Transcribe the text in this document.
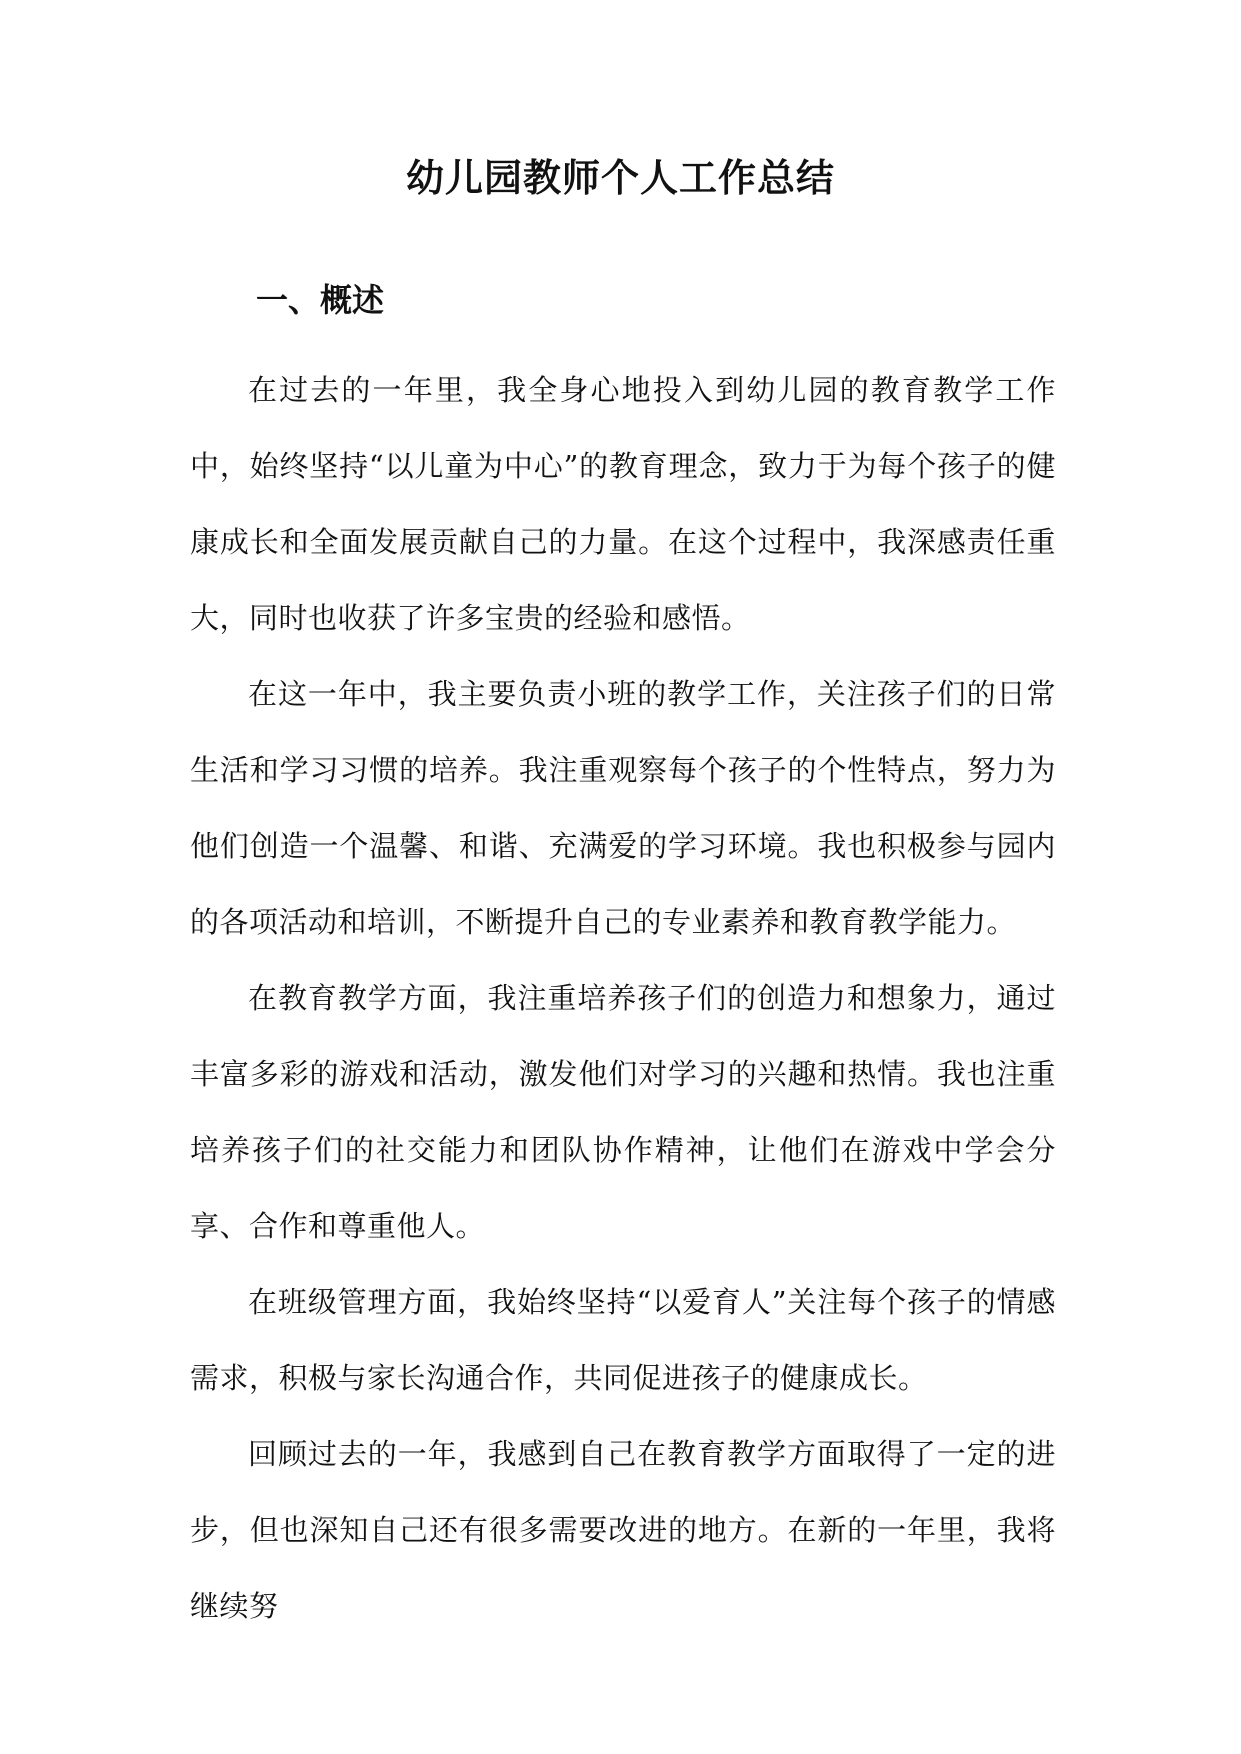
幼儿园教师个人工作总结
一、概述

在过去的一年里，我全身心地投入到幼儿园的教育教学工作中，始终坚持“以儿童为中心”的教育理念，致力于为每个孩子的健康成长和全面发展贡献自己的力量。在这个过程中，我深感责任重大，同时也收获了许多宝贵的经验和感悟。

在这一年中，我主要负责小班的教学工作，关注孩子们的日常生活和学习习惯的培养。我注重观察每个孩子的个性特点，努力为他们创造一个温馨、和谐、充满爱的学习环境。我也积极参与园内的各项活动和培训，不断提升自己的专业素养和教育教学能力。

在教育教学方面，我注重培养孩子们的创造力和想象力，通过丰富多彩的游戏和活动，激发他们对学习的兴趣和热情。我也注重培养孩子们的社交能力和团队协作精神，让他们在游戏中学会分享、合作和尊重他人。

在班级管理方面，我始终坚持“以爱育人”关注每个孩子的情感需求，积极与家长沟通合作，共同促进孩子的健康成长。

回顾过去的一年，我感到自己在教育教学方面取得了一定的进步，但也深知自己还有很多需要改进的地方。在新的一年里，我将继续努
